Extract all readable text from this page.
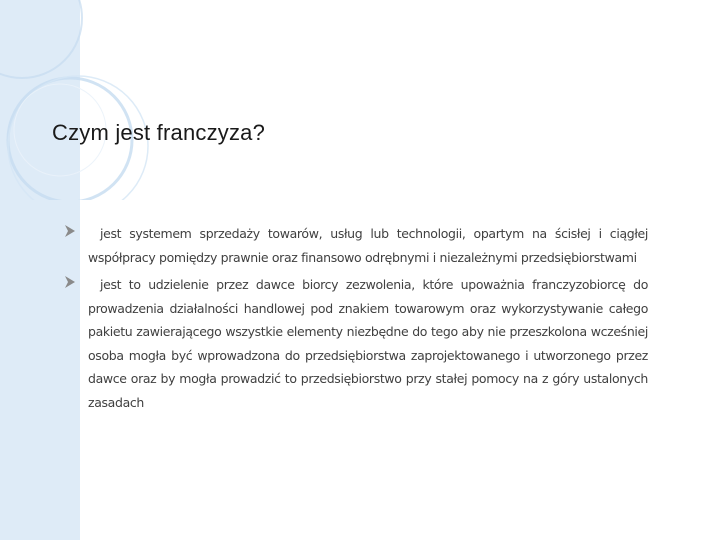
Czym jest franczyza?
jest systemem sprzedaży towarów, usług lub technologii, opartym na ścisłej i ciągłej współpracy pomiędzy prawnie oraz finansowo odrębnymi i niezależnymi przedsiębiorstwami
jest to udzielenie przez dawce biorcy zezwolenia, które upoważnia franczyzobiorcę do prowadzenia działalności handlowej pod znakiem towarowym oraz wykorzystywanie całego pakietu zawierającego wszystkie elementy niezbędne do tego aby nie przeszkolona wcześniej osoba mogła być wprowadzona do przedsiębiorstwa zaprojektowanego i utworzonego przez dawce oraz by mogła prowadzić to przedsiębiorstwo przy stałej pomocy na z góry ustalonych zasadach
